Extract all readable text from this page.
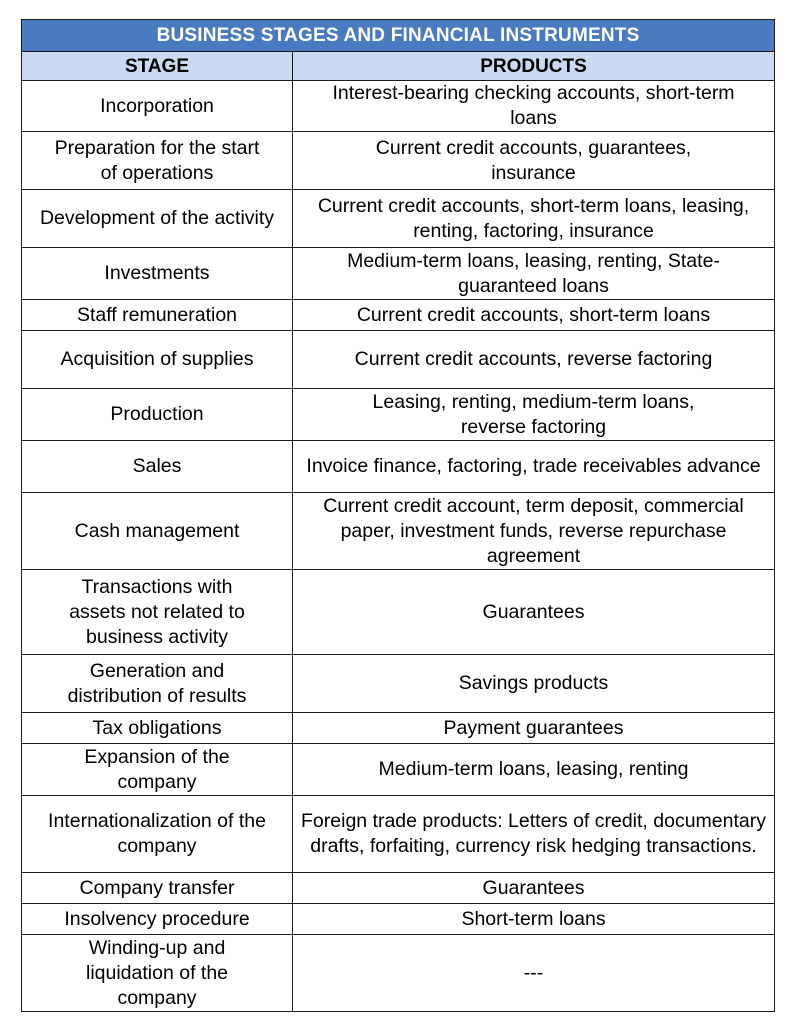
BUSINESS STAGES AND FINANCIAL INSTRUMENTS	
STAGE	PRODUCTS
Incorporation	Interest-bearing checking accounts, short-term loans
Preparation for the start of operations	Current credit accounts, guarantees, insurance
Development of the activity	Current credit accounts, short-term loans, leasing, renting, factoring, insurance
Investments	Medium-term loans, leasing, renting, State-guaranteed loans
Staff remuneration	Current credit accounts, short-term loans
Acquisition of supplies	Current credit accounts, reverse factoring
Production	Leasing, renting, medium-term loans, reverse factoring
Sales	Invoice finance, factoring, trade receivables advance
Cash management	Current credit account, term deposit, commercial paper, investment funds, reverse repurchase agreement
Transactions with assets not related to business activity	Guarantees
Generation and distribution of results	Savings products
Tax obligations	Payment guarantees
Expansion of the company	Medium-term loans, leasing, renting
Internationalization of the company	Foreign trade products: Letters of credit, documentary drafts, forfaiting, currency risk hedging transactions.
Company transfer	Guarantees
Insolvency procedure	Short-term loans
Winding-up and liquidation of the company	---
